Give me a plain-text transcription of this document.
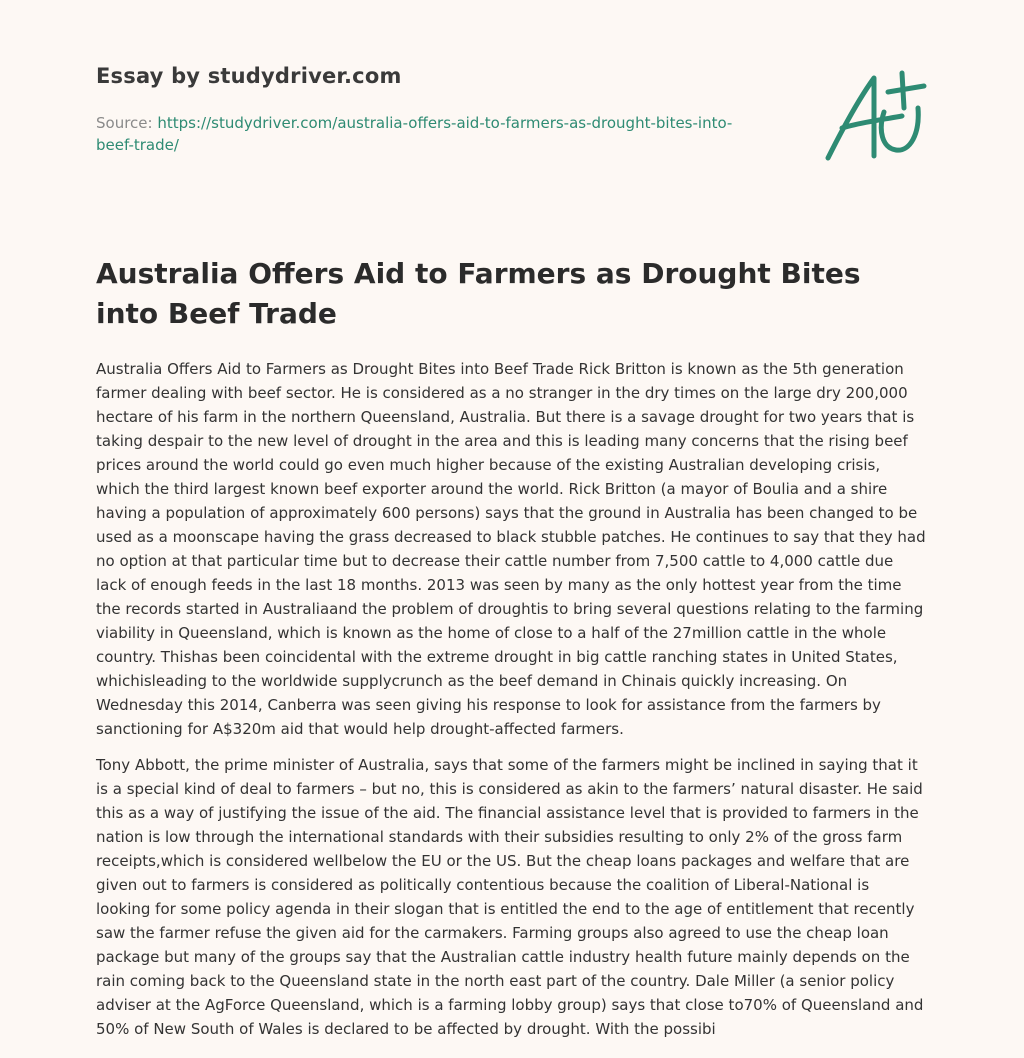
Essay by studydriver.com
Source: https://studydriver.com/australia-offers-aid-to-farmers-as-drought-bites-into-beef-trade/
Australia Offers Aid to Farmers as Drought Bites into Beef Trade

Australia Offers Aid to Farmers as Drought Bites into Beef Trade Rick Britton is known as the 5th generation farmer dealing with beef sector. He is considered as a no stranger in the dry times on the large dry 200,000 hectare of his farm in the northern Queensland, Australia. But there is a savage drought for two years that is taking despair to the new level of drought in the area and this is leading many concerns that the rising beef prices around the world could go even much higher because of the existing Australian developing crisis, which the third largest known beef exporter around the world. Rick Britton (a mayor of Boulia and a shire having a population of approximately 600 persons) says that the ground in Australia has been changed to be used as a moonscape having the grass decreased to black stubble patches. He continues to say that they had no option at that particular time but to decrease their cattle number from 7,500 cattle to 4,000 cattle due lack of enough feeds in the last 18 months. 2013 was seen by many as the only hottest year from the time the records started in Australiaand the problem of droughtis to bring several questions relating to the farming viability in Queensland, which is known as the home of close to a half of the 27million cattle in the whole country. Thishas been coincidental with the extreme drought in big cattle ranching states in United States, whichisleading to the worldwide supplycrunch as the beef demand in Chinais quickly increasing. On Wednesday this 2014, Canberra was seen giving his response to look for assistance from the farmers by sanctioning for A$320m aid that would help drought-affected farmers.

Tony Abbott, the prime minister of Australia, says that some of the farmers might be inclined in saying that it is a special kind of deal to farmers – but no, this is considered as akin to the farmers’ natural disaster. He said this as a way of justifying the issue of the aid. The financial assistance level that is provided to farmers in the nation is low through the international standards with their subsidies resulting to only 2% of the gross farm receipts,which is considered wellbelow the EU or the US. But the cheap loans packages and welfare that are given out to farmers is considered as politically contentious because the coalition of Liberal-National is looking for some policy agenda in their slogan that is entitled the end to the age of entitlement that recently saw the farmer refuse the given aid for the carmakers. Farming groups also agreed to use the cheap loan package but many of the groups say that the Australian cattle industry health future mainly depends on the rain coming back to the Queensland state in the north east part of the country. Dale Miller (a senior policy adviser at the AgForce Queensland, which is a farming lobby group) says that close to70% of Queensland and 50% of New South of Wales is declared to be affected by drought. With the possibi
